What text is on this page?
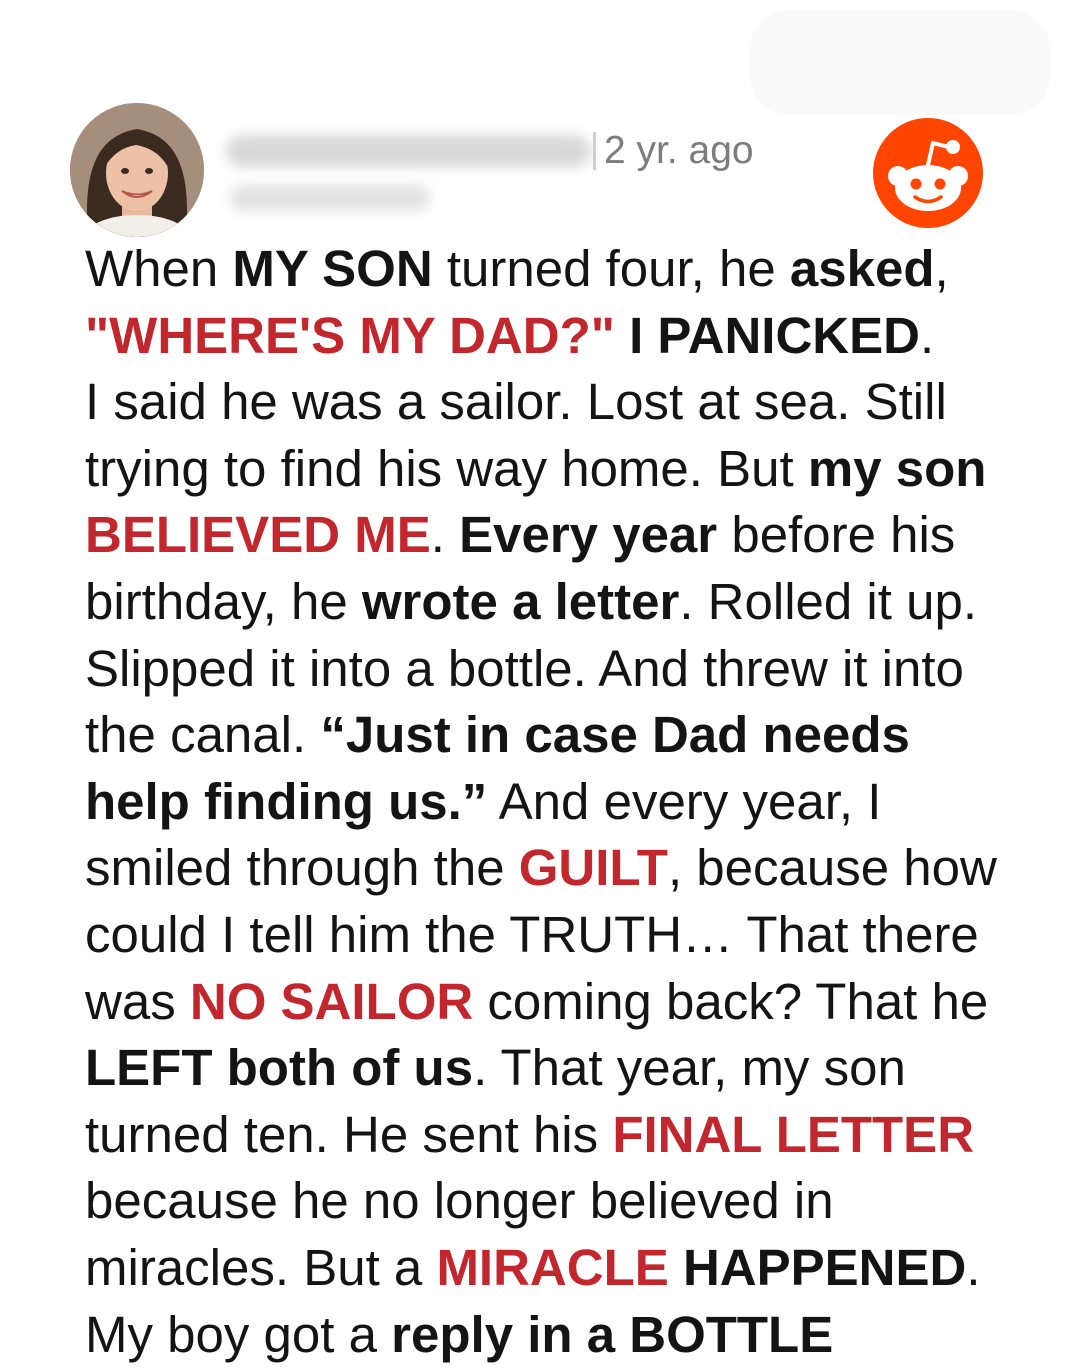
2 yr. ago
When MY SON turned four, he asked,
"WHERE'S MY DAD?" I PANICKED.
I said he was a sailor. Lost at sea. Still
trying to find his way home. But my son
BELIEVED ME. Every year before his
birthday, he wrote a letter. Rolled it up.
Slipped it into a bottle. And threw it into
the canal. “Just in case Dad needs
help finding us.” And every year, I
smiled through the GUILT, because how
could I tell him the TRUTH… That there
was NO SAILOR coming back? That he
LEFT both of us. That year, my son
turned ten. He sent his FINAL LETTER
because he no longer believed in
miracles. But a MIRACLE HAPPENED.
My boy got a reply in a BOTTLE
